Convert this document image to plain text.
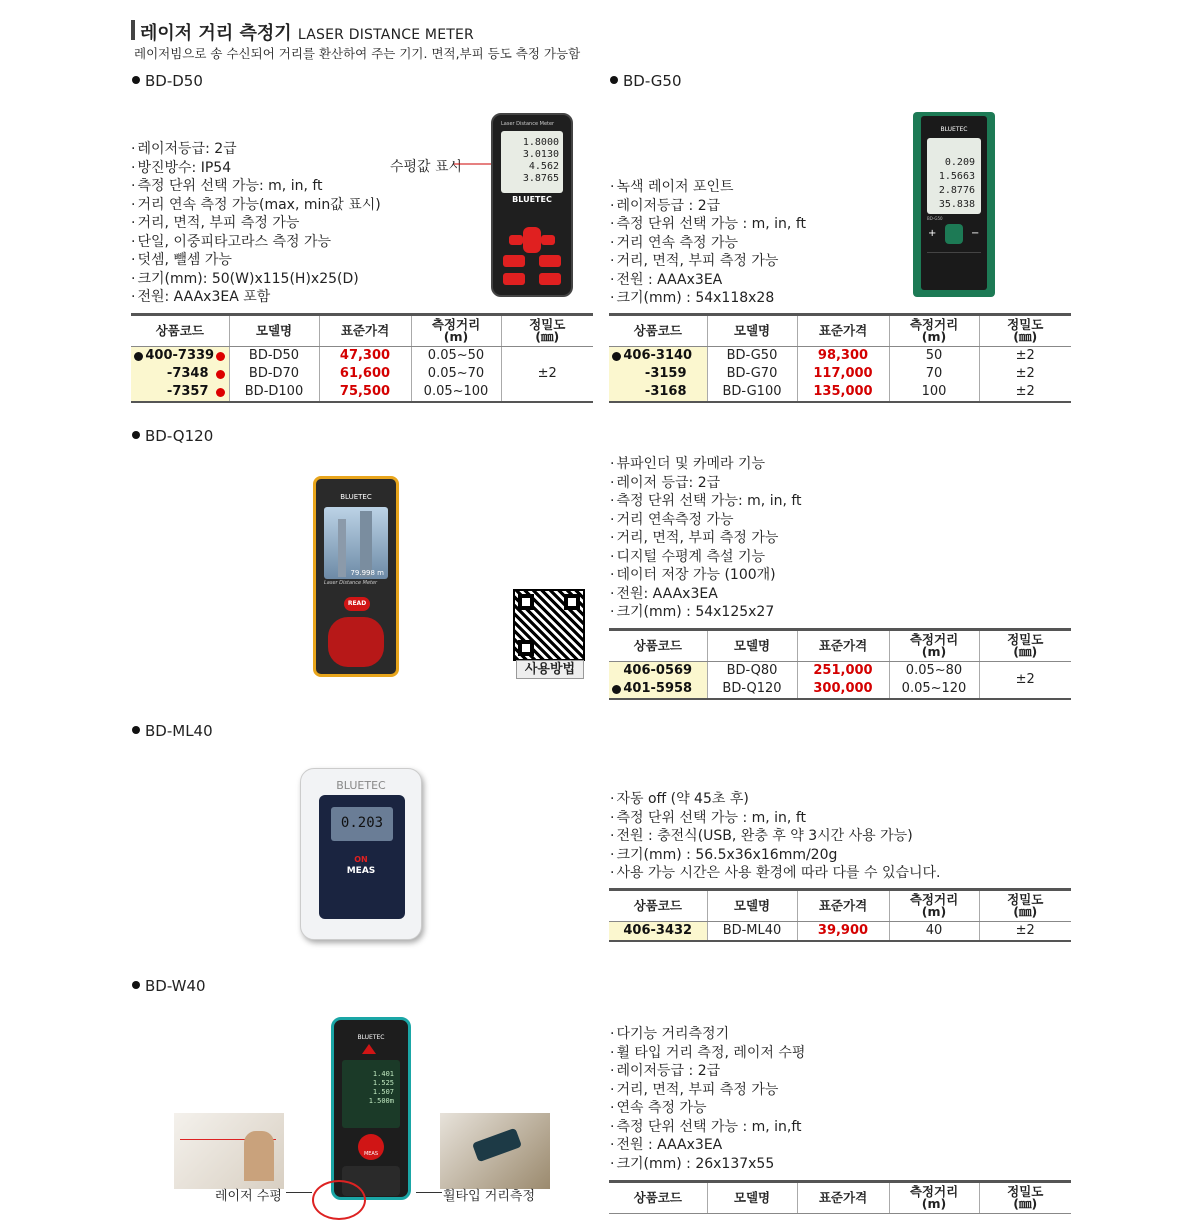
레이저 거리 측정기 LASER DISTANCE METER
레이저빔으로 송 수신되어 거리를 환산하여 주는 기기. 면적,부피 등도 측정 가능함
BD-D50
· 레이저등급: 2급
· 방진방수: IP54
· 측정 단위 선택 가능: m, in, ft
· 거리 연속 측정 가능(max, min값 표시)
· 거리, 면적, 부피 측정 가능
· 단일, 이중피타고라스 측정 가능
· 덧셈, 뺄셈 가능
· 크기(mm): 50(W)x115(H)x25(D)
· 전원: AAAx3EA 포함
수평값 표시
Laser Distance Meter
1.8000
3.0130
4.562
3.8765
BLUETEC
상품코드	모델명	표준가격	측정거리
(m)	정밀도
(㎜)

400-7339	BD-D50	47,300	0.05~50	±2
-7348	BD-D70	61,600	0.05~70	
-7357	BD-D100	75,500	0.05~100	
BD-G50
· 녹색 레이저 포인트
· 레이저등급 : 2급
· 측정 단위 선택 가능 : m, in, ft
· 거리 연속 측정 가능
· 거리, 면적, 부피 측정 가능
· 전원 : AAAx3EA
· 크기(mm) : 54x118x28
BLUETEC
0.209
1.5663
2.8776
35.838
BD-G50
+	−
상품코드	모델명	표준가격	측정거리
(m)	정밀도
(㎜)

406-3140	BD-G50	98,300	50	±2
-3159	BD-G70	117,000	70	±2
-3168	BD-G100	135,000	100	±2
BD-Q120
BLUETEC
79.998 m
Laser Distance Meter
READ
사용방법
· 뷰파인더 및 카메라 기능
· 레이저 등급: 2급
· 측정 단위 선택 가능: m, in, ft
· 거리 연속측정 가능
· 거리, 면적, 부피 측정 가능
· 디지털 수평계 측설 기능
· 데이터 저장 가능 (100개)
· 전원: AAAx3EA
· 크기(mm) : 54x125x27
상품코드	모델명	표준가격	측정거리
(m)	정밀도
(㎜)
406-0569	BD-Q80	251,000	0.05~80	±2

401-5958	BD-Q120	300,000	0.05~120	
BD-ML40
BLUETEC
0.203
ON
MEAS
· 자동 off (약 45초 후)
· 측정 단위 선택 가능 : m, in, ft
· 전원 : 충전식(USB, 완충 후 약 3시간 사용 가능)
· 크기(mm) : 56.5x36x16mm/20g
· 사용 가능 시간은 사용 환경에 따라 다를 수 있습니다.
상품코드	모델명	표준가격	측정거리
(m)	정밀도
(㎜)
406-3432	BD-ML40	39,900	40	±2
BD-W40
BLUETEC
1.401
1.525
1.507
1.500m
MEAS
레이저 수평	휠타입 거리측정
· 다기능 거리측정기
· 휠 타입 거리 측정, 레이저 수평
· 레이저등급 : 2급
· 거리, 면적, 부피 측정 가능
· 연속 측정 가능
· 측정 단위 선택 가능 : m, in,ft
· 전원 : AAAx3EA
· 크기(mm) : 26x137x55
상품코드	모델명	표준가격	측정거리
(m)	정밀도
(㎜)
